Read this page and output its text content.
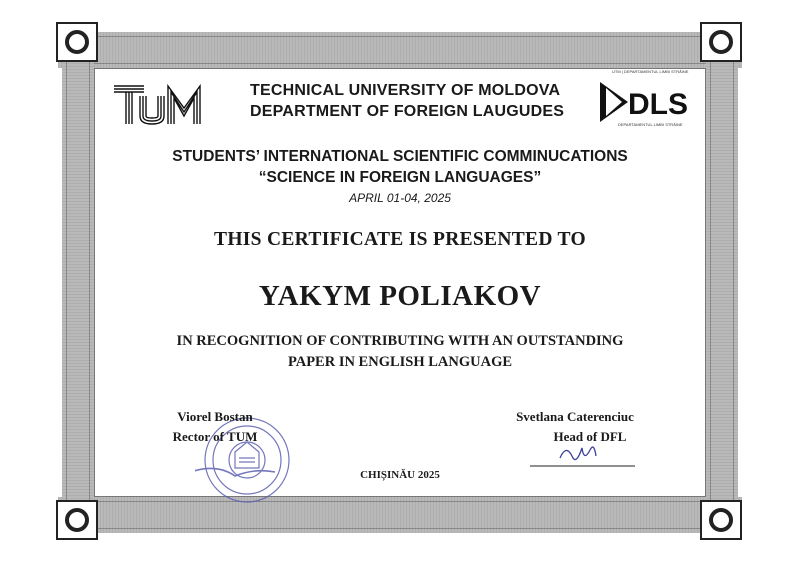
TECHNICAL UNIVERSITY OF MOLDOVA
DEPARTMENT OF FOREIGN LAUGUDES
UTM | DEPARTAMENTUL LIMBI STRĂINE
DLS
DEPARTAMENTUL LIMBI STRĂINE
STUDENTS’ INTERNATIONAL SCIENTIFIC COMMINUCATIONS
“SCIENCE IN FOREIGN LANGUAGES”
APRIL 01-04, 2025
THIS CERTIFICATE IS PRESENTED TO
YAKYM POLIAKOV
IN RECOGNITION OF CONTRIBUTING WITH AN OUTSTANDING
PAPER IN ENGLISH LANGUAGE
Viorel Bostan
Rector of TUM
Svetlana Caterenciuc
Head of DFL
CHIȘINĂU 2025
